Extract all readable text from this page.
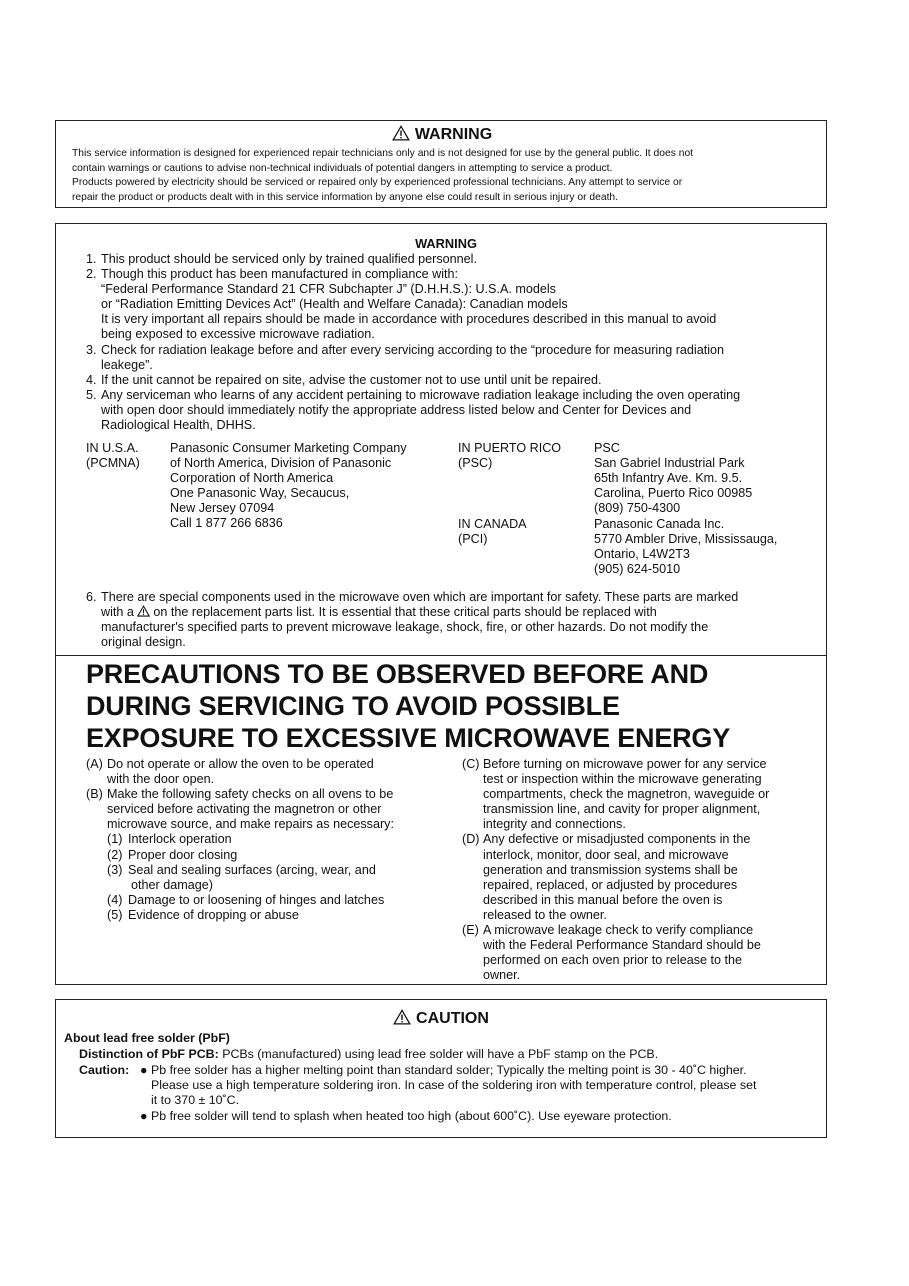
WARNING
This service information is designed for experienced repair technicians only and is not designed for use by the general public. It does not
contain warnings or cautions to advise non-technical individuals of potential dangers in attempting to service a product.
Products powered by electricity should be serviced or repaired only by experienced professional technicians. Any attempt to service or
repair the product or products dealt with in this service information by anyone else could result in serious injury or death.
WARNING
1. This product should be serviced only by trained qualified personnel.
2. Though this product has been manufactured in compliance with:
“Federal Performance Standard 21 CFR Subchapter J” (D.H.H.S.): U.S.A. models
or “Radiation Emitting Devices Act” (Health and Welfare Canada): Canadian models
It is very important all repairs should be made in accordance with procedures described in this manual to avoid
being exposed to excessive microwave radiation.
3. Check for radiation leakage before and after every servicing according to the “procedure for measuring radiation
leakege”.
4. If the unit cannot be repaired on site, advise the customer not to use until unit be repaired.
5. Any serviceman who learns of any accident pertaining to microwave radiation leakage including the oven operating
with open door should immediately notify the appropriate address listed below and Center for Devices and
Radiological Health, DHHS.
IN U.S.A.
(PCMNA)
Panasonic Consumer Marketing Company
of North America, Division of Panasonic
Corporation of North America
One Panasonic Way, Secaucus,
New Jersey 07094
Call 1 877 266 6836
IN PUERTO RICO
(PSC)
PSC
San Gabriel Industrial Park
65th Infantry Ave. Km. 9.5.
Carolina, Puerto Rico 00985
(809) 750-4300
IN CANADA
(PCI)
Panasonic Canada Inc.
5770 Ambler Drive, Mississauga,
Ontario, L4W2T3
(905) 624-5010
6. There are special components used in the microwave oven which are important for safety. These parts are marked
with a on the replacement parts list. It is essential that these critical parts should be replaced with
manufacturer's specified parts to prevent microwave leakage, shock, fire, or other hazards. Do not modify the
original design.
PRECAUTIONS TO BE OBSERVED BEFORE AND
DURING SERVICING TO AVOID POSSIBLE
EXPOSURE TO EXCESSIVE MICROWAVE ENERGY
(A) Do not operate or allow the oven to be operated
with the door open.
(B) Make the following safety checks on all ovens to be
serviced before activating the magnetron or other
microwave source, and make repairs as necessary:
(1) Interlock operation
(2) Proper door closing
(3) Seal and sealing surfaces (arcing, wear, and
other damage)
(4) Damage to or loosening of hinges and latches
(5) Evidence of dropping or abuse
(C) Before turning on microwave power for any service
test or inspection within the microwave generating
compartments, check the magnetron, waveguide or
transmission line, and cavity for proper alignment,
integrity and connections.
(D) Any defective or misadjusted components in the
interlock, monitor, door seal, and microwave
generation and transmission systems shall be
repaired, replaced, or adjusted by procedures
described in this manual before the oven is
released to the owner.
(E) A microwave leakage check to verify compliance
with the Federal Performance Standard should be
performed on each oven prior to release to the
owner.
CAUTION
About lead free solder (PbF)
Distinction of PbF PCB: PCBs (manufactured) using lead free solder will have a PbF stamp on the PCB.
Caution: ● Pb free solder has a higher melting point than standard solder; Typically the melting point is 30 - 40˚C higher.
Please use a high temperature soldering iron. In case of the soldering iron with temperature control, please set
it to 370 ± 10˚C.
● Pb free solder will tend to splash when heated too high (about 600˚C). Use eyeware protection.
